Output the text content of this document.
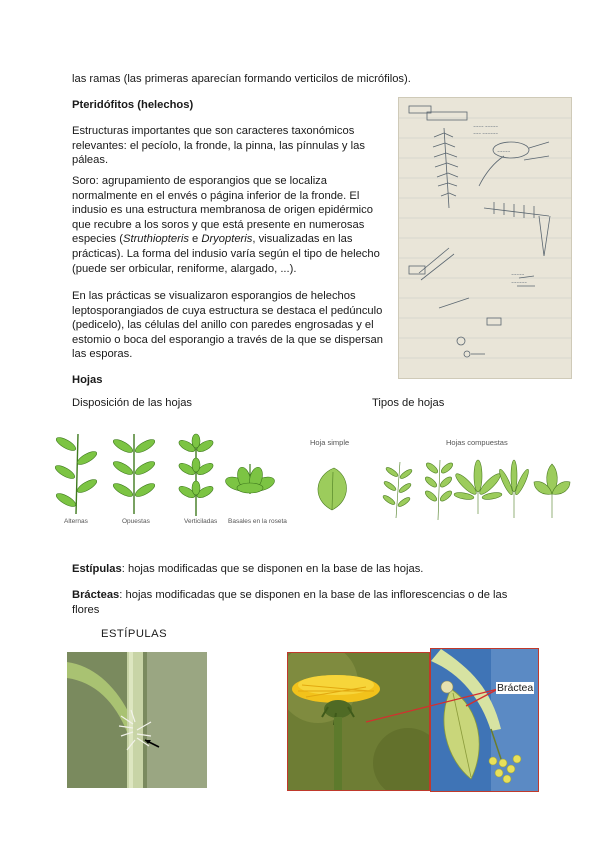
las ramas (las primeras aparecían formando verticilos de micrófilos).

Pteridófitos (helechos)

Estructuras importantes que son caracteres taxonómicos relevantes: el pecíolo, la fronde, la pinna, las pínnulas y las páleas.

Soro: agrupamiento de esporangios que se localiza normalmente en el envés o página inferior de la fronde. El indusio es una estructura membranosa de origen epidérmico que recubre a los soros y que está presente en numerosas especies (Struthiopteris e Dryopteris, visualizadas en las prácticas). La forma del indusio varía según el tipo de helecho (puede ser orbicular, reniforme, alargado, ...).

En las prácticas se visualizaron esporangios de helechos leptosporangiados de cuya estructura se destaca el pedúnculo (pedicelo), las células del anillo con paredes engrosadas y el estomio o boca del esporangio a través de la que se dispersan las esporas.

~~~~ ~~~~~
~~~ ~~~~~~
~~~~~
~~~~~
~~~~~~

Hojas

Disposición de las hojas	Tipos de hojas

Alternas	Opuestas	Verticiladas Basales en la roseta
Hoja simple	Hojas compuestas

Estípulas: hojas modificadas que se disponen en la base de las hojas.

Brácteas: hojas modificadas que se disponen en la base de las inflorescencias o de las flores

ESTÍPULAS

Bráctea
